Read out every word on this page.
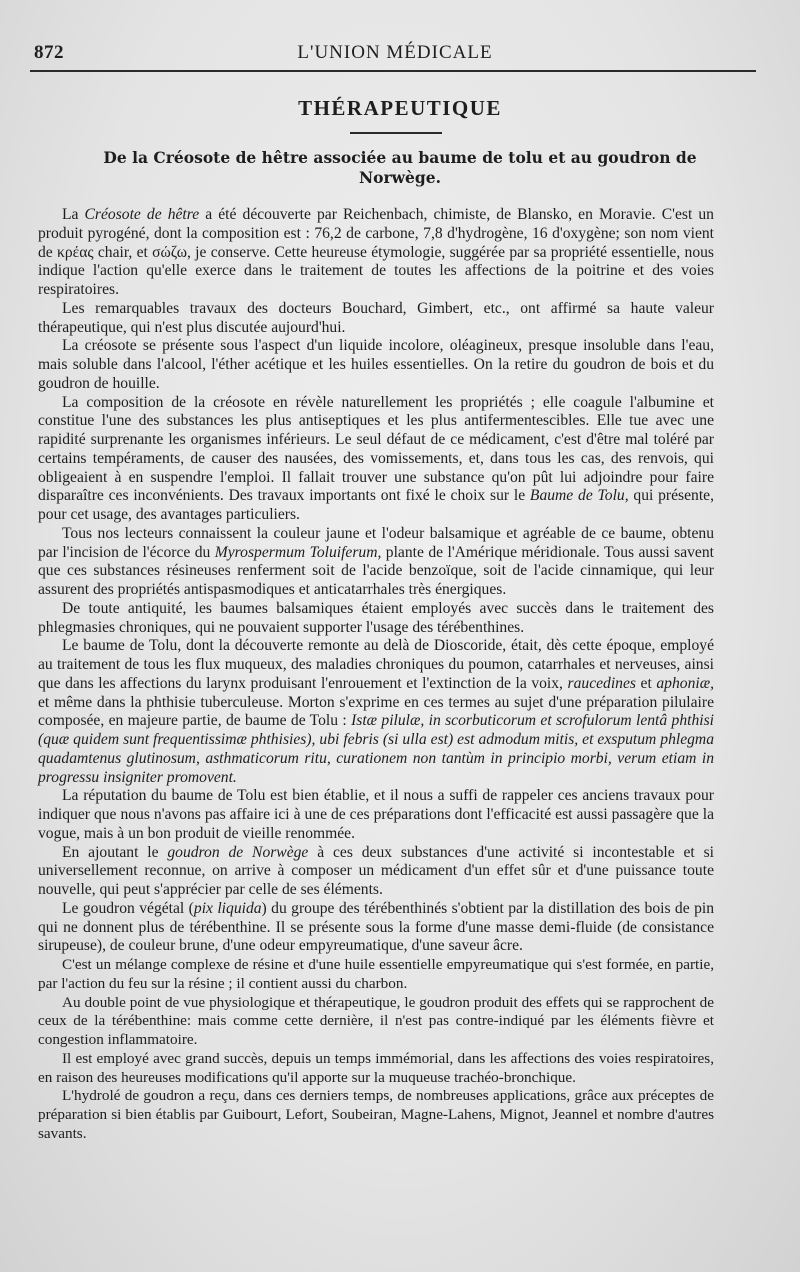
872	L'UNION MÉDICALE
THÉRAPEUTIQUE
De la Créosote de hêtre associée au baume de tolu et au goudron de Norwège.

La Créosote de hêtre a été découverte par Reichenbach, chimiste, de Blansko, en Moravie. C'est un produit pyrogéné, dont la composition est : 76,2 de carbone, 7,8 d'hydrogène, 16 d'oxygène; son nom vient de κρέας chair, et σώζω, je conserve. Cette heureuse étymologie, suggérée par sa propriété essentielle, nous indique l'action qu'elle exerce dans le traitement de toutes les affections de la poitrine et des voies respiratoires.

Les remarquables travaux des docteurs Bouchard, Gimbert, etc., ont affirmé sa haute valeur thérapeutique, qui n'est plus discutée aujourd'hui.

La créosote se présente sous l'aspect d'un liquide incolore, oléagineux, presque insoluble dans l'eau, mais soluble dans l'alcool, l'éther acétique et les huiles essentielles. On la retire du goudron de bois et du goudron de houille.

La composition de la créosote en révèle naturellement les propriétés ; elle coagule l'albumine et constitue l'une des substances les plus antiseptiques et les plus antifermentescibles. Elle tue avec une rapidité surprenante les organismes inférieurs. Le seul défaut de ce médicament, c'est d'être mal toléré par certains tempéraments, de causer des nausées, des vomissements, et, dans tous les cas, des renvois, qui obligeaient à en suspendre l'emploi. Il fallait trouver une substance qu'on pût lui adjoindre pour faire disparaître ces inconvénients. Des travaux importants ont fixé le choix sur le Baume de Tolu, qui présente, pour cet usage, des avantages particuliers.

Tous nos lecteurs connaissent la couleur jaune et l'odeur balsamique et agréable de ce baume, obtenu par l'incision de l'écorce du Myrospermum Toluiferum, plante de l'Amérique méridionale. Tous aussi savent que ces substances résineuses renferment soit de l'acide benzoïque, soit de l'acide cinnamique, qui leur assurent des propriétés antispasmodiques et anticatarrhales très énergiques.

De toute antiquité, les baumes balsamiques étaient employés avec succès dans le traitement des phlegmasies chroniques, qui ne pouvaient supporter l'usage des térébenthines.

Le baume de Tolu, dont la découverte remonte au delà de Dioscoride, était, dès cette époque, employé au traitement de tous les flux muqueux, des maladies chroniques du poumon, catarrhales et nerveuses, ainsi que dans les affections du larynx produisant l'enrouement et l'extinction de la voix, raucedines et aphoniæ, et même dans la phthisie tuberculeuse. Morton s'exprime en ces termes au sujet d'une préparation pilulaire composée, en majeure partie, de baume de Tolu : Istæ pilulæ, in scorbuticorum et scrofulorum lentâ phthisi (quæ quidem sunt frequentissimæ phthisies), ubi febris (si ulla est) est admodum mitis, et exsputum phlegma quadamtenus glutinosum, asthmaticorum ritu, curationem non tantùm in principio morbi, verum etiam in progressu insigniter promovent.

La réputation du baume de Tolu est bien établie, et il nous a suffi de rappeler ces anciens travaux pour indiquer que nous n'avons pas affaire ici à une de ces préparations dont l'efficacité est aussi passagère que la vogue, mais à un bon produit de vieille renommée.

En ajoutant le goudron de Norwège à ces deux substances d'une activité si incontestable et si universellement reconnue, on arrive à composer un médicament d'un effet sûr et d'une puissance toute nouvelle, qui peut s'apprécier par celle de ses éléments.

Le goudron végétal (pix liquida) du groupe des térébenthinés s'obtient par la distillation des bois de pin qui ne donnent plus de térébenthine. Il se présente sous la forme d'une masse demi-fluide (de consistance sirupeuse), de couleur brune, d'une odeur empyreumatique, d'une saveur âcre.

C'est un mélange complexe de résine et d'une huile essentielle empyreumatique qui s'est formée, en partie, par l'action du feu sur la résine ; il contient aussi du charbon.

Au double point de vue physiologique et thérapeutique, le goudron produit des effets qui se rapprochent de ceux de la térébenthine: mais comme cette dernière, il n'est pas contre-indiqué par les éléments fièvre et congestion inflammatoire.

Il est employé avec grand succès, depuis un temps immémorial, dans les affections des voies respiratoires, en raison des heureuses modifications qu'il apporte sur la muqueuse trachéo-bronchique.

L'hydrolé de goudron a reçu, dans ces derniers temps, de nombreuses applications, grâce aux préceptes de préparation si bien établis par Guibourt, Lefort, Soubeiran, Magne-Lahens, Mignot, Jeannel et nombre d'autres savants.
